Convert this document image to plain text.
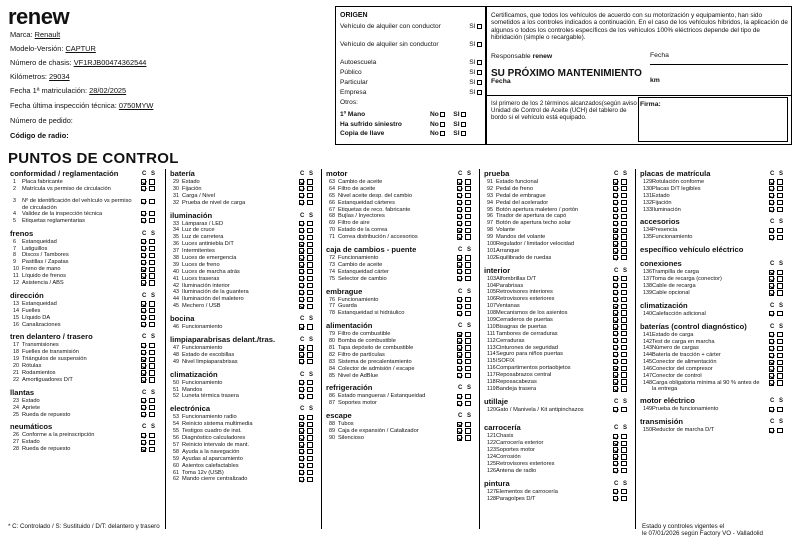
renew
Marca: Renault
Modelo-Versión: CAPTUR
Número de chasis: VF1RJB00474362544
Kilómetros: 29034
Fecha 1ª matriculación: 28/02/2025
Fecha última inspección técnica: 0750MYW
Número de pedido:
Código de radio:
ORIGEN
Vehículo de alquiler con conductor	SI
Vehículo de alquiler sin conductor	SI
Autoescuela	SI
Público	SI
Particular	SI
Empresa	SI
Otros:
1º Mano	No SI
Ha sufrido siniestro	No SI
Copia de llave	No SI
Certificamos, que todos los vehículos de acuerdo con su motorización y equipamiento, han sido sometidos a los controles indicados a continuación. En el caso de los vehículos híbridos, la aplicación de algunos o todos los controles específicos de los vehículos 100% eléctricos depende del tipo de hibridación (simple o recargable).
Responsable renew	Fecha
SU PRÓXIMO MANTENIMIENTO
Fecha	km
Isl primero de los 2 términos alcanzados(según aviso Unidad de Control de Aceite (UCH) del tablero de bordo si el vehículo está equipado.
Firma:
PUNTOS DE CONTROL
conformidad / reglamentación	C S
1 Placa fabricante
2 Matrícula vs permiso de circulación
3 Nº de identificación del vehículo vs permiso de circulación
4 Validez de la inspección técnica
5 Etiquetas reglamentarias
frenos	C S
6 Estanqueidad
7 Latiguillos
8 Discos / Tambores
9 Pastillas / Zapatas
10 Freno de mano
11 Líquido de frenos
12 Asistencia / ABS
dirección	C S
13 Estanqueidad
14 Fuelles
15 Líquido DA
16 Canalizaciones
tren delantero / trasero	C S
17 Transmisiones
18 Fuelles de transmisión
19 Triángulos de suspensión
20 Rótulas
21 Rodamientos
22 Amortiguadores D/T
llantas	C S
23 Estado
24 Apriete
25 Rueda de repuesto
neumáticos	C S
26 Conforme a la preinscripción
27 Estado
28 Rueda de repuesto
batería	C S
29 Estado
30 Fijación
31 Carga / Nivel
32 Prueba de nivel de carga
iluminación	C S
33 Lámparas / LED
34 Luz de cruce
35 Luz de carretera
36 Luces antiniebla D/T
37 Intermitentes
38 Luces de emergencia
39 Luces de freno
40 Luces de marcha atrás
41 Luces traseras
42 Iluminación interior
43 Iluminación de la guantera
44 Iluminación del maletero
45 Mechero / USB
bocina	C S
46 Funcionamiento
limpiaparabrisas delant./tras.	C S
47 Funcionamiento
48 Estado de escobillas
49 Nivel limpiaparabrisas
climatización	C S
50 Funcionamiento
51 Mandos
52 Luneta térmica trasera
electrónica	C S
53 Funcionamiento radio
54 Reinicio sistema multimedia
55 Testigos cuadro de inst.
56 Diagnóstico calculadores
57 Reinicio intervalo de mant.
58 Ayuda a la navegación
59 Ayudas al aparcamiento
60 Asientos calefactables
61 Toma 12v (USB)
62 Mando cierre centralizado
motor	C S
63 Cambio de aceite
64 Filtro de aceite
65 Nivel aceite desp. del cambio
66 Estanqueidad cárteres
67 Etiquetas de reco. fabricante
68 Bujías / Inyectores
69 Filtro de aire
70 Estado de la correa
71 Correa distribución / accesorios
caja de cambios - puente	C S
72 Funcionamiento
73 Cambio de aceite
74 Estanqueidad cárter
75 Selector de cambio
embrague	C S
76 Funcionamiento
77 Guarda
78 Estanqueidad si hidráulico
alimentación	C S
79 Filtro de combustible
80 Bomba de combustible
81 Tapa depósito de combustible
82 Filtro de partículas
83 Sistema de precalentamiento
84 Colector de admisión / escape
85 Nivel de AdBlue
refrigeración	C S
86 Estado mangueras / Estanqueidad
87 Soportes motor
escape	C S
88 Tubos
89 Caja de expansión / Catalizador
90 Silencioso
prueba	C S
91 Estado funcional
92 Pedal de freno
93 Pedal de embrague
94 Pedal del acelerador
95 Botón apertura maletero / portón
96 Tirador de apertura de capó
97 Botón de apertura techo solar
98 Volante
99 Mandos del volante
100Regulador / limitador velocidad
101Arranque
102Equilibrado de ruedas
interior	C S
103Alfombrillas D/T
104Parabrisas
105Retrovisores interiores
106Retrovisores exteriores
107Ventanas
108Mecanismos de los asientos
109Cerraderos de puertas
110Bisagras de puertas
111Tambores de cerraduras
112Cerraduras
113Cinturones de seguridad
114Seguro para niños puertas
115ISOFIX
116Compartimentos portaobjetos
117Reposabrazos central
118Reposacabezas
119Bandeja trasera
utillaje	C S
120Gato / Manivela / Kit antipinchazos
carrocería	C S
121Chasis
122Carrocería exterior
123Soportes motor
124Corrosión
125Retrovisores exteriores
126Antena de radio
pintura	C S
127Elementos de carrocería
128Paragolpes D/T
placas de matrícula	C S
129Rotulación conforme
130Placas D/T legibles
131Estado
132Fijación
133Iluminación
accesorios	C S
134Presencia
135Funcionamiento
específico vehículo eléctrico
conexiones	C S
136Trampilla de carga
137Toma de recarga (conector)
138Cable de recarga
139Cable opcional
climatización	C S
140Calefacción adicional
baterías (control diagnóstico)	C S
141Estado de carga
142Test de carga en marcha
143Número de cargas
144Batería de tracción + cárter
145Conector de alimentación
146Conector del compresor
147Conector de control
148Carga obligatoria mínima al 90 % antes de la entrega
motor eléctrico	C S
149Prueba de funcionamiento
transmisión	C S
150Reductor de marcha D/T
* C: Controlado / S: Sustituido / D/T: delantero y trasero	Estado y controles vigentes el
le 07/01/2026 según Factory VO - Valladolid
